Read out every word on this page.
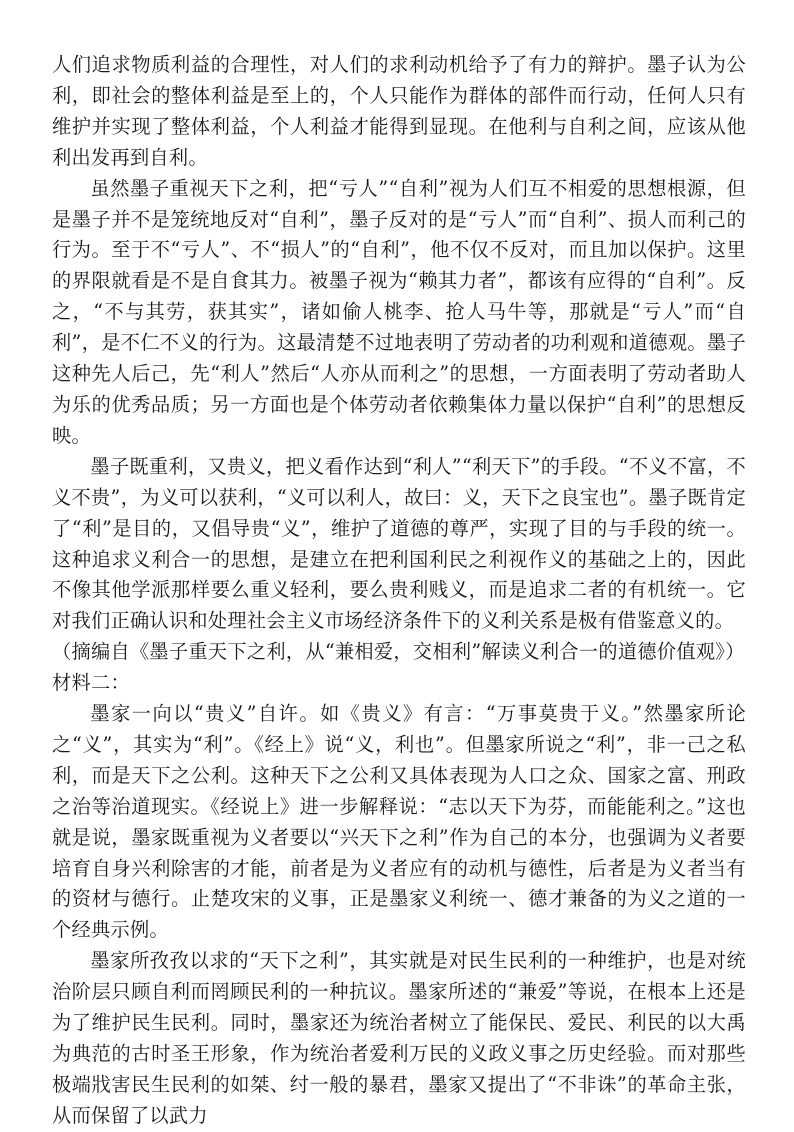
人们追求物质利益的合理性，对人们的求利动机给予了有力的辩护。墨子认为公利，即社会的整体利益是至上的，个人只能作为群体的部件而行动，任何人只有维护并实现了整体利益，个人利益才能得到显现。在他利与自利之间，应该从他利出发再到自利。

虽然墨子重视天下之利，把“亏人”“自利”视为人们互不相爱的思想根源，但是墨子并不是笼统地反对“自利”，墨子反对的是“亏人”而“自利”、损人而利己的行为。至于不“亏人”、不“损人”的“自利”，他不仅不反对，而且加以保护。这里的界限就看是不是自食其力。被墨子视为“赖其力者”，都该有应得的“自利”。反之，“不与其劳，获其实”，诸如偷人桃李、抢人马牛等，那就是“亏人”而“自利”，是不仁不义的行为。这最清楚不过地表明了劳动者的功利观和道德观。墨子这种先人后己，先“利人”然后“人亦从而利之”的思想，一方面表明了劳动者助人为乐的优秀品质；另一方面也是个体劳动者依赖集体力量以保护“自利”的思想反映。

墨子既重利，又贵义，把义看作达到“利人”“利天下”的手段。“不义不富，不义不贵”，为义可以获利，“义可以利人，故曰：义，天下之良宝也”。墨子既肯定了“利”是目的，又倡导贵“义”，维护了道德的尊严，实现了目的与手段的统一。这种追求义利合一的思想，是建立在把利国利民之利视作义的基础之上的，因此不像其他学派那样要么重义轻利，要么贵利贱义，而是追求二者的有机统一。它对我们正确认识和处理社会主义市场经济条件下的义利关系是极有借鉴意义的。

（摘编自《墨子重天下之利，从“兼相爱，交相利”解读义利合一的道德价值观》）

材料二：

墨家一向以“贵义”自许。如《贵义》有言：“万事莫贵于义。”然墨家所论之“义”，其实为“利”。《经上》说“义，利也”。但墨家所说之“利”，非一己之私利，而是天下之公利。这种天下之公利又具体表现为人口之众、国家之富、刑政之治等治道现实。《经说上》进一步解释说：“志以天下为芬，而能能利之。”这也就是说，墨家既重视为义者要以“兴天下之利”作为自己的本分，也强调为义者要培育自身兴利除害的才能，前者是为义者应有的动机与德性，后者是为义者当有的资材与德行。止楚攻宋的义事，正是墨家义利统一、德才兼备的为义之道的一个经典示例。

墨家所孜孜以求的“天下之利”，其实就是对民生民利的一种维护，也是对统治阶层只顾自利而罔顾民利的一种抗议。墨家所述的“兼爱”等说，在根本上还是为了维护民生民利。同时，墨家还为统治者树立了能保民、爱民、利民的以大禹为典范的古时圣王形象，作为统治者爱利万民的义政义事之历史经验。而对那些极端戕害民生民利的如桀、纣一般的暴君，墨家又提出了“不非诛”的革命主张，从而保留了以武力
